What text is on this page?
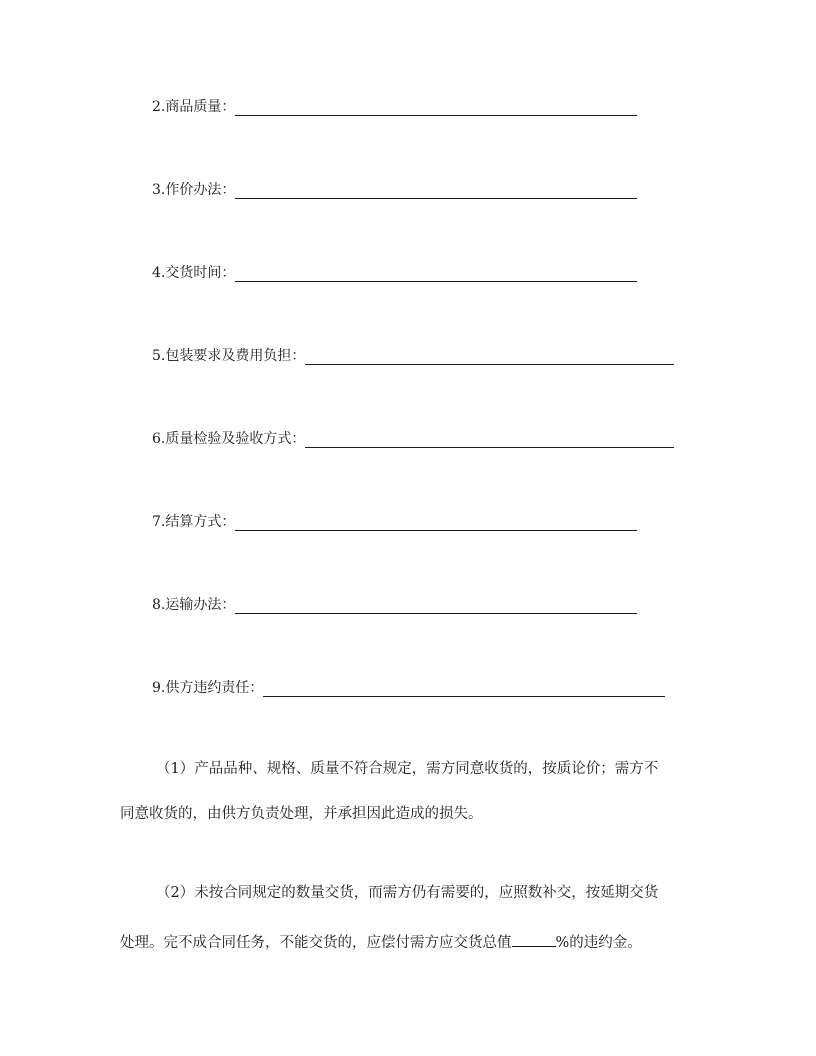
2.商品质量：
3.作价办法：
4.交货时间：
5.包装要求及费用负担：
6.质量检验及验收方式：
7.结算方式：
8.运输办法：
9.供方违约责任：
（1）产品品种、规格、质量不符合规定，需方同意收货的，按质论价；需方不
同意收货的，由供方负责处理，并承担因此造成的损失。
（2）未按合同规定的数量交货，而需方仍有需要的，应照数补交，按延期交货
处理。完不成合同任务，不能交货的，应偿付需方应交货总值	%的违约金。
